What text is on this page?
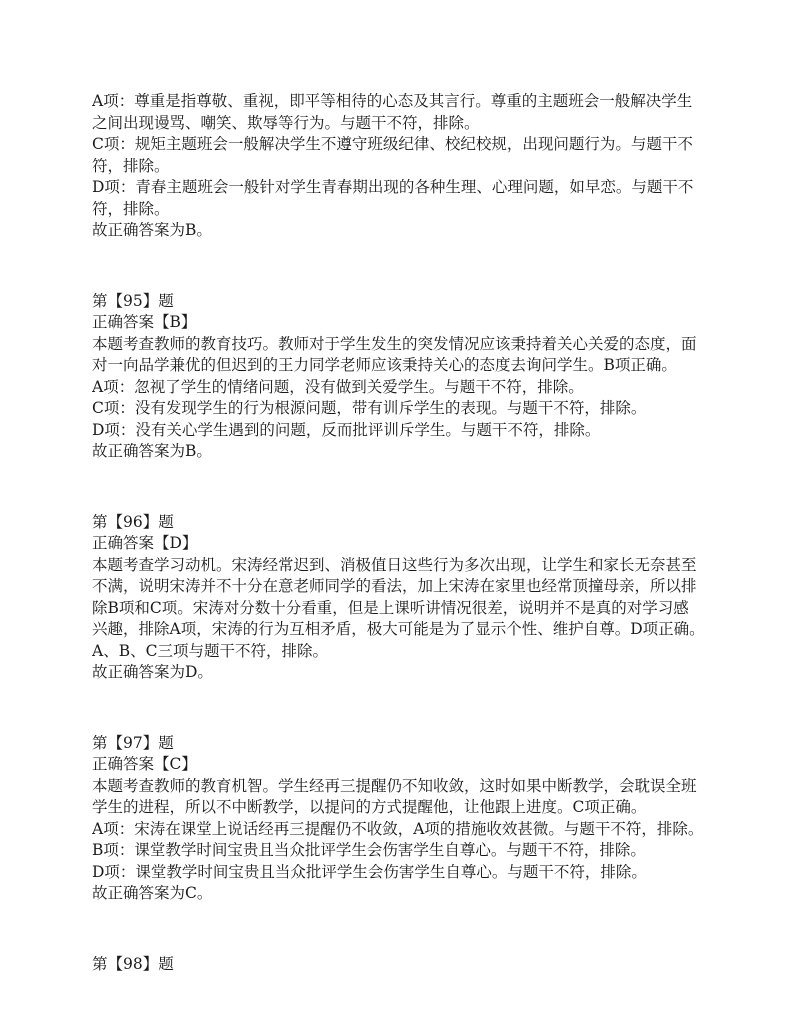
A项：尊重是指尊敬、重视，即平等相待的心态及其言行。尊重的主题班会一般解决学生
之间出现谩骂、嘲笑、欺辱等行为。与题干不符，排除。
C项：规矩主题班会一般解决学生不遵守班级纪律、校纪校规，出现问题行为。与题干不
符，排除。
D项：青春主题班会一般针对学生青春期出现的各种生理、心理问题，如早恋。与题干不
符，排除。
故正确答案为B。
第【95】题
正确答案【B】
本题考查教师的教育技巧。教师对于学生发生的突发情况应该秉持着关心关爱的态度，面
对一向品学兼优的但迟到的王力同学老师应该秉持关心的态度去询问学生。B项正确。
A项：忽视了学生的情绪问题，没有做到关爱学生。与题干不符，排除。
C项：没有发现学生的行为根源问题，带有训斥学生的表现。与题干不符，排除。
D项：没有关心学生遇到的问题，反而批评训斥学生。与题干不符，排除。
故正确答案为B。
第【96】题
正确答案【D】
本题考查学习动机。宋涛经常迟到、消极值日这些行为多次出现，让学生和家长无奈甚至
不满，说明宋涛并不十分在意老师同学的看法，加上宋涛在家里也经常顶撞母亲，所以排
除B项和C项。宋涛对分数十分看重，但是上课听讲情况很差，说明并不是真的对学习感
兴趣，排除A项，宋涛的行为互相矛盾，极大可能是为了显示个性、维护自尊。D项正确。
A、B、C三项与题干不符，排除。
故正确答案为D。
第【97】题
正确答案【C】
本题考查教师的教育机智。学生经再三提醒仍不知收敛，这时如果中断教学，会耽误全班
学生的进程，所以不中断教学，以提问的方式提醒他，让他跟上进度。C项正确。
A项：宋涛在课堂上说话经再三提醒仍不收敛，A项的措施收效甚微。与题干不符，排除。
B项：课堂教学时间宝贵且当众批评学生会伤害学生自尊心。与题干不符，排除。
D项：课堂教学时间宝贵且当众批评学生会伤害学生自尊心。与题干不符，排除。
故正确答案为C。
第【98】题
